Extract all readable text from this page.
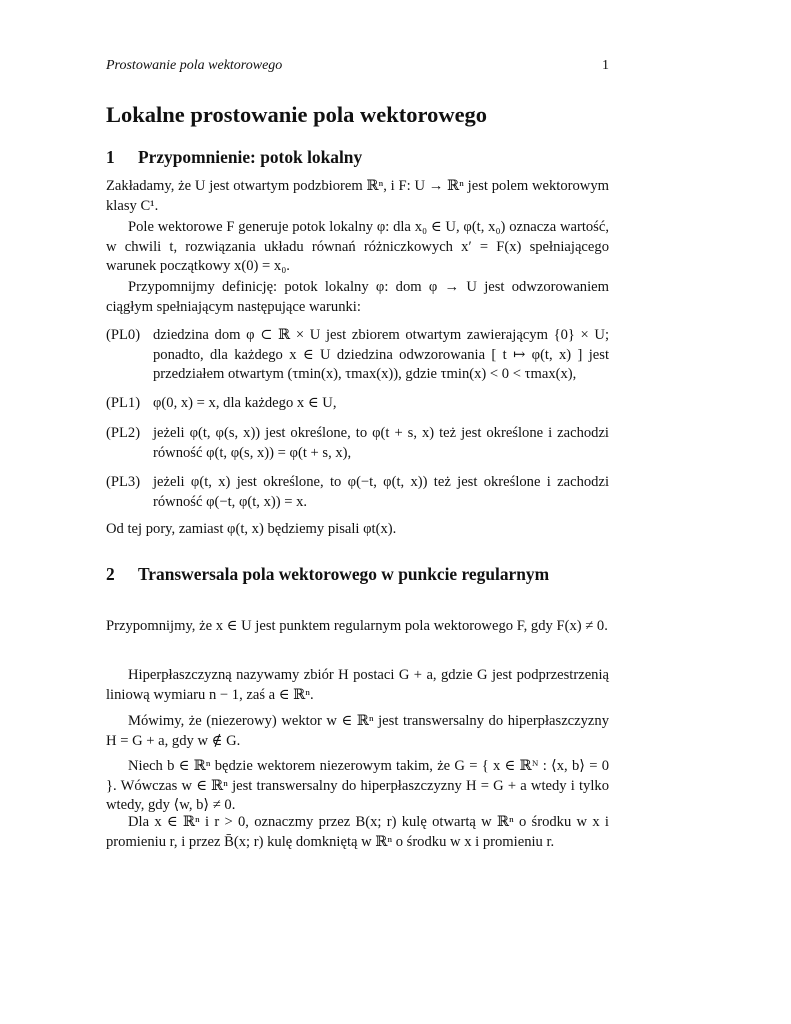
Prostowanie pola wektorowego	1
Lokalne prostowanie pola wektorowego
1 Przypomnienie: potok lokalny

Zakładamy, że U jest otwartym podzbiorem ℝⁿ, i F: U → ℝⁿ jest polem wektorowym klasy C¹.

Pole wektorowe F generuje potok lokalny φ: dla x₀ ∈ U, φ(t, x₀) oznacza wartość, w chwili t, rozwiązania układu równań różniczkowych x′ = F(x) spełniającego warunek początkowy x(0) = x₀.

Przypomnijmy definicję: potok lokalny φ: dom φ → U jest odwzorowaniem ciągłym spełniającym następujące warunki:

(PL0) dziedzina dom φ ⊂ ℝ × U jest zbiorem otwartym zawierającym {0} × U; ponadto, dla każdego x ∈ U dziedzina odwzorowania [ t ↦ φ(t, x) ] jest przedziałem otwartym (τmin(x), τmax(x)), gdzie τmin(x) < 0 < τmax(x),
(PL1) φ(0, x) = x, dla każdego x ∈ U,
(PL2) jeżeli φ(t, φ(s, x)) jest określone, to φ(t + s, x) też jest określone i zachodzi równość φ(t, φ(s, x)) = φ(t + s, x),
(PL3) jeżeli φ(t, x) jest określone, to φ(−t, φ(t, x)) też jest określone i zachodzi równość φ(−t, φ(t, x)) = x.

Od tej pory, zamiast φ(t, x) będziemy pisali φt(x).

2 Transwersala pola wektorowego w punkcie regularnym

Przypomnijmy, że x ∈ U jest punktem regularnym pola wektorowego F, gdy F(x) ≠ 0.

Hiperpłaszczyzną nazywamy zbiór H postaci G + a, gdzie G jest podprzestrzenią liniową wymiaru n − 1, zaś a ∈ ℝⁿ.

Mówimy, że (niezerowy) wektor w ∈ ℝⁿ jest transwersalny do hiperpłaszczyzny H = G + a, gdy w ∉ G.

Niech b ∈ ℝⁿ będzie wektorem niezerowym takim, że G = { x ∈ ℝᴺ : ⟨x, b⟩ = 0 }. Wówczas w ∈ ℝⁿ jest transwersalny do hiperpłaszczyzny H = G + a wtedy i tylko wtedy, gdy ⟨w, b⟩ ≠ 0.

Dla x ∈ ℝⁿ i r > 0, oznaczmy przez B(x; r) kulę otwartą w ℝⁿ o środku w x i promieniu r, i przez B̄(x; r) kulę domkniętą w ℝⁿ o środku w x i promieniu r.
